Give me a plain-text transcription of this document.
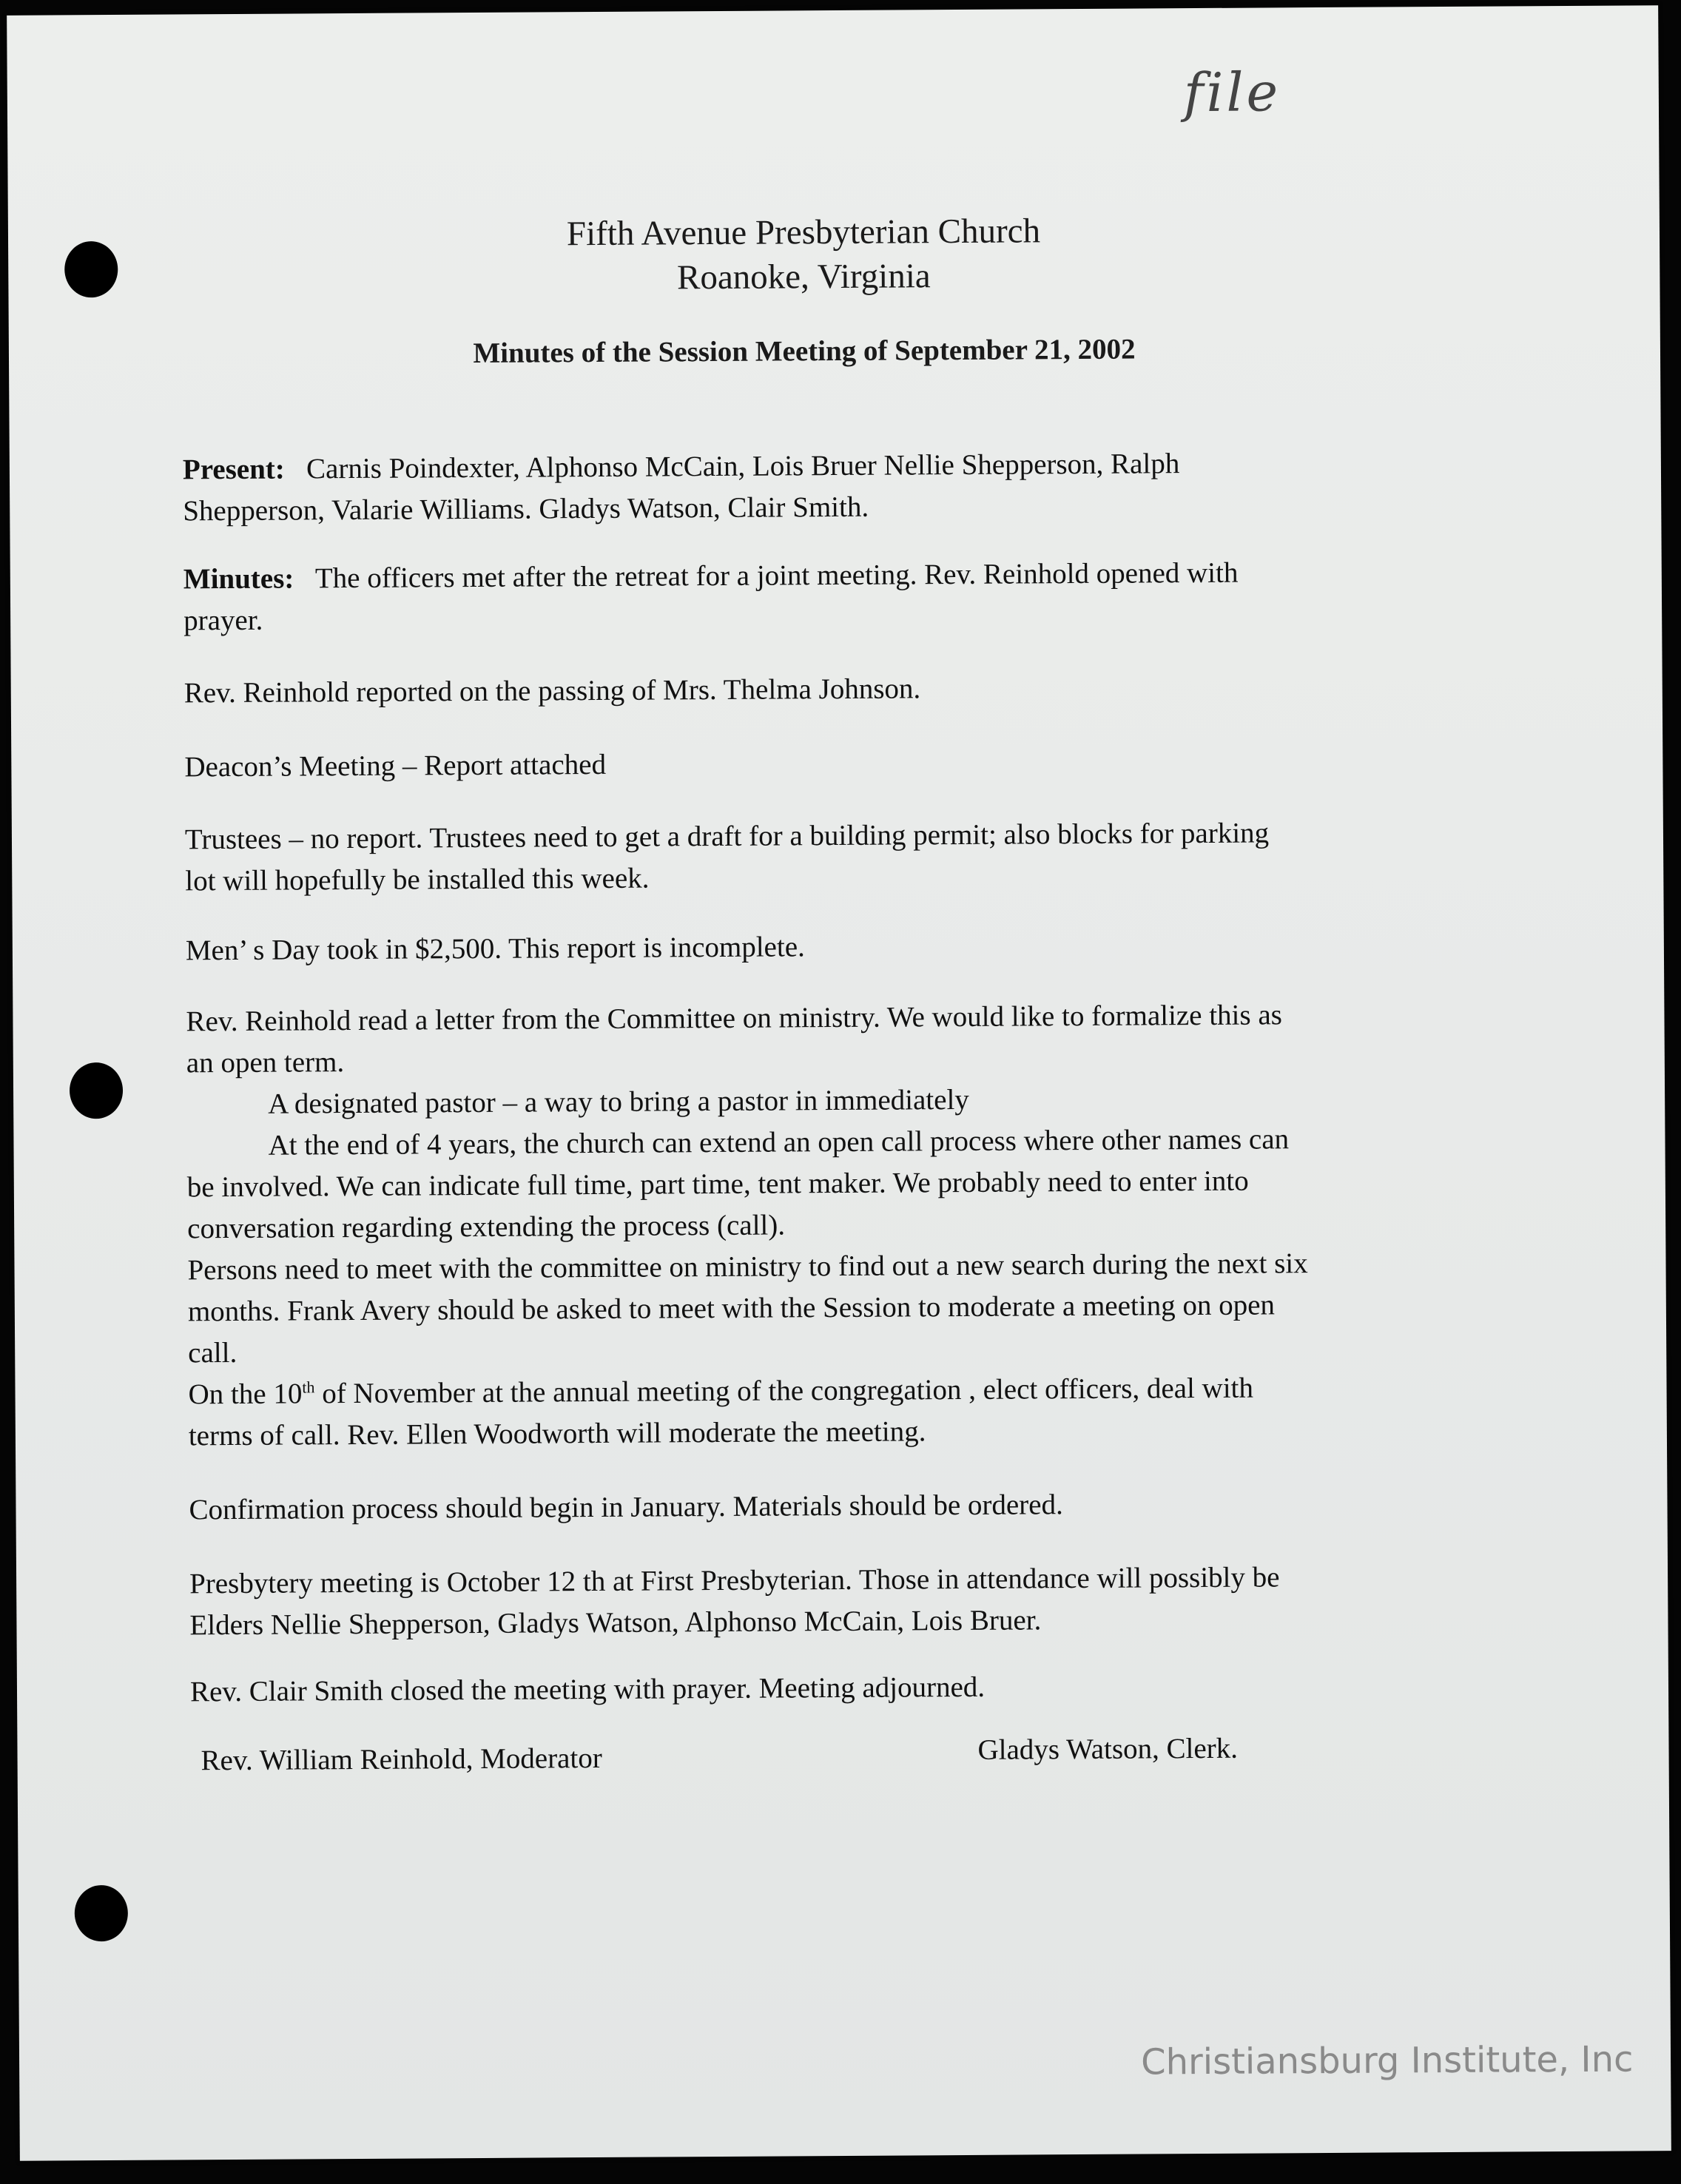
file
Fifth Avenue Presbyterian Church
Roanoke, Virginia
Minutes of the Session Meeting of September 21, 2002
Present: Carnis Poindexter, Alphonso McCain, Lois Bruer Nellie Shepperson, Ralph
Shepperson, Valarie Williams. Gladys Watson, Clair Smith.
Minutes: The officers met after the retreat for a joint meeting. Rev. Reinhold opened with
prayer.
Rev. Reinhold reported on the passing of Mrs. Thelma Johnson.
Deacon’s Meeting – Report attached
Trustees – no report. Trustees need to get a draft for a building permit; also blocks for parking
lot will hopefully be installed this week.
Men’ s Day took in $2,500. This report is incomplete.
Rev. Reinhold read a letter from the Committee on ministry. We would like to formalize this as
an open term.
A designated pastor – a way to bring a pastor in immediately
At the end of 4 years, the church can extend an open call process where other names can
be involved. We can indicate full time, part time, tent maker. We probably need to enter into
conversation regarding extending the process (call).
Persons need to meet with the committee on ministry to find out a new search during the next six
months. Frank Avery should be asked to meet with the Session to moderate a meeting on open
call.
On the 10th of November at the annual meeting of the congregation , elect officers, deal with
terms of call. Rev. Ellen Woodworth will moderate the meeting.
Confirmation process should begin in January. Materials should be ordered.
Presbytery meeting is October 12 th at First Presbyterian. Those in attendance will possibly be
Elders Nellie Shepperson, Gladys Watson, Alphonso McCain, Lois Bruer.
Rev. Clair Smith closed the meeting with prayer. Meeting adjourned.
Rev. William Reinhold, Moderator	Gladys Watson, Clerk.
Christiansburg Institute, Inc
